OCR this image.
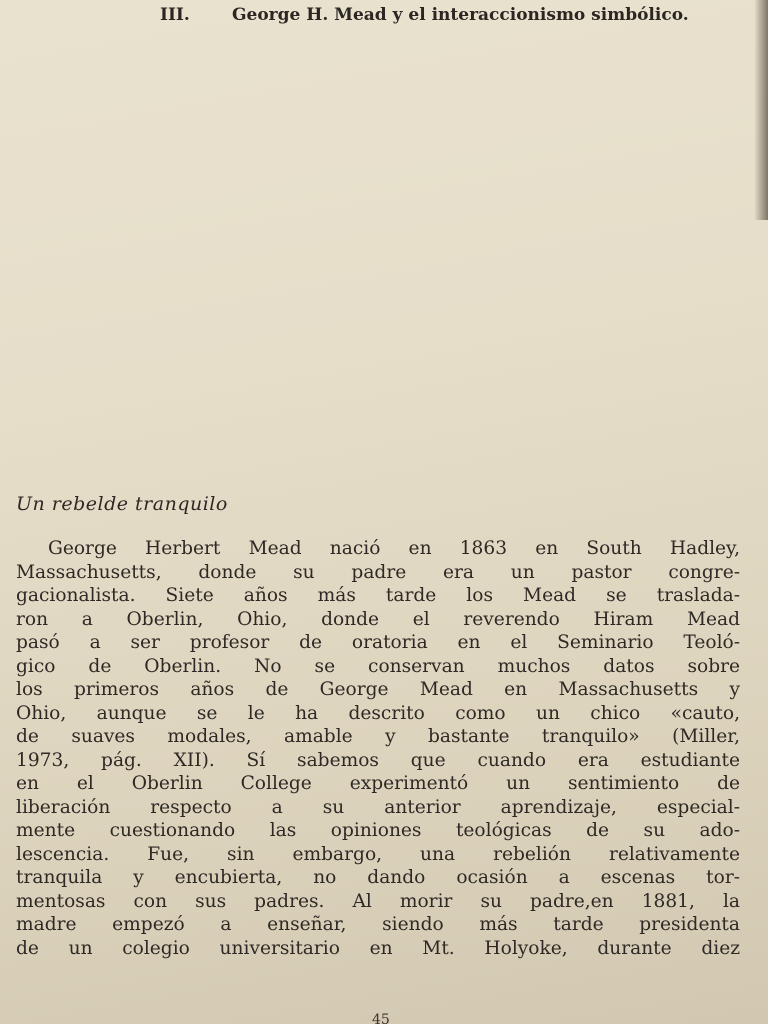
III.	George H. Mead y el interaccionismo simbólico.
Un rebelde tranquilo
George Herbert Mead nació en 1863 en South Hadley,
Massachusetts, donde su padre era un pastor congre-
gacionalista. Siete años más tarde los Mead se traslada-
ron a Oberlin, Ohio, donde el reverendo Hiram Mead
pasó a ser profesor de oratoria en el Seminario Teoló-
gico de Oberlin. No se conservan muchos datos sobre
los primeros años de George Mead en Massachusetts y
Ohio, aunque se le ha descrito como un chico «cauto,
de suaves modales, amable y bastante tranquilo» (Miller,
1973, pág. XII). Sí sabemos que cuando era estudiante
en el Oberlin College experimentó un sentimiento de
liberación respecto a su anterior aprendizaje, especial-
mente cuestionando las opiniones teológicas de su ado-
lescencia. Fue, sin embargo, una rebelión relativamente
tranquila y encubierta, no dando ocasión a escenas tor-
mentosas con sus padres. Al morir su padre,en 1881, la
madre empezó a enseñar, siendo más tarde presidenta
de un colegio universitario en Mt. Holyoke, durante diez
45
